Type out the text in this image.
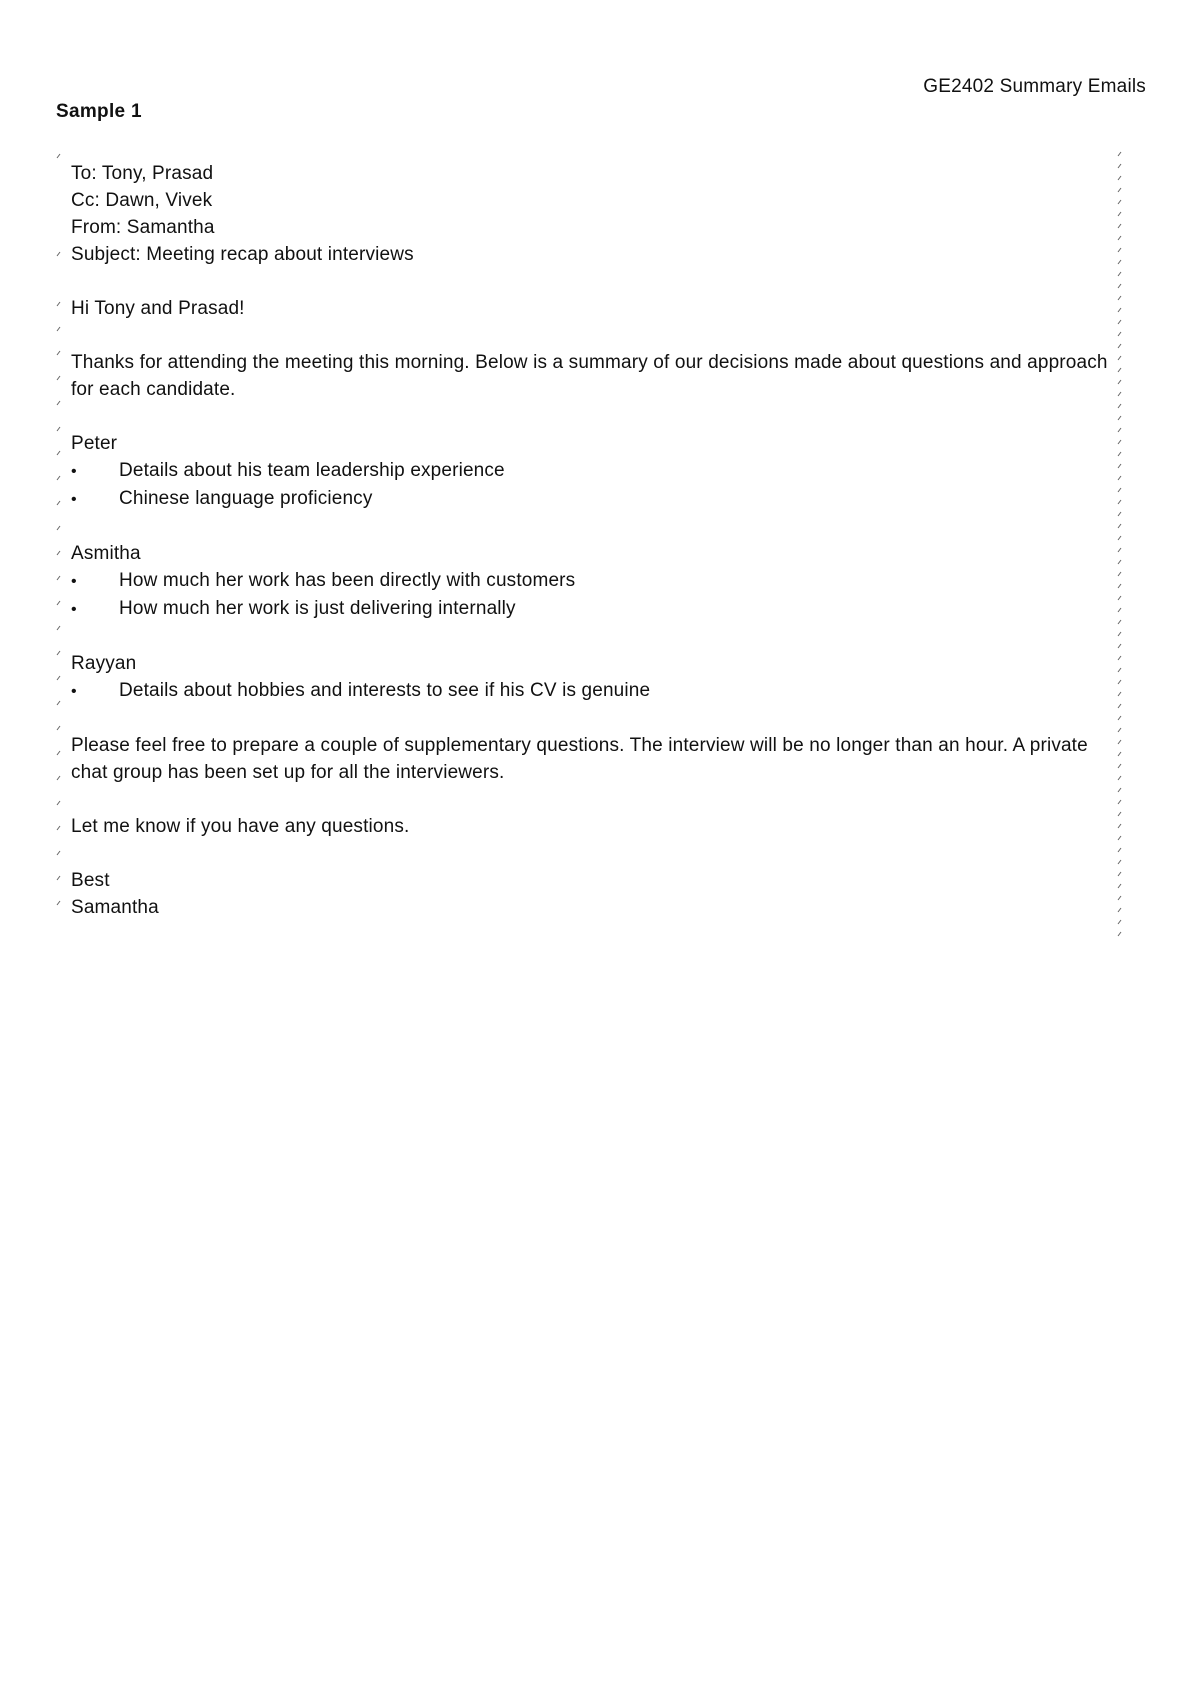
GE2402 Summary Emails
Sample 1
To: Tony, Prasad
Cc: Dawn, Vivek
From: Samantha
Subject: Meeting recap about interviews
Hi Tony and Prasad!
Thanks for attending the meeting this morning. Below is a summary of our decisions made about questions and approach for each candidate.
Peter
•	Details about his team leadership experience
•	Chinese language proficiency
Asmitha
•	How much her work has been directly with customers
•	How much her work is just delivering internally
Rayyan
•	Details about hobbies and interests to see if his CV is genuine
Please feel free to prepare a couple of supplementary questions. The interview will be no longer than an hour. A private chat group has been set up for all the interviewers.
Let me know if you have any questions.
Best
Samantha
